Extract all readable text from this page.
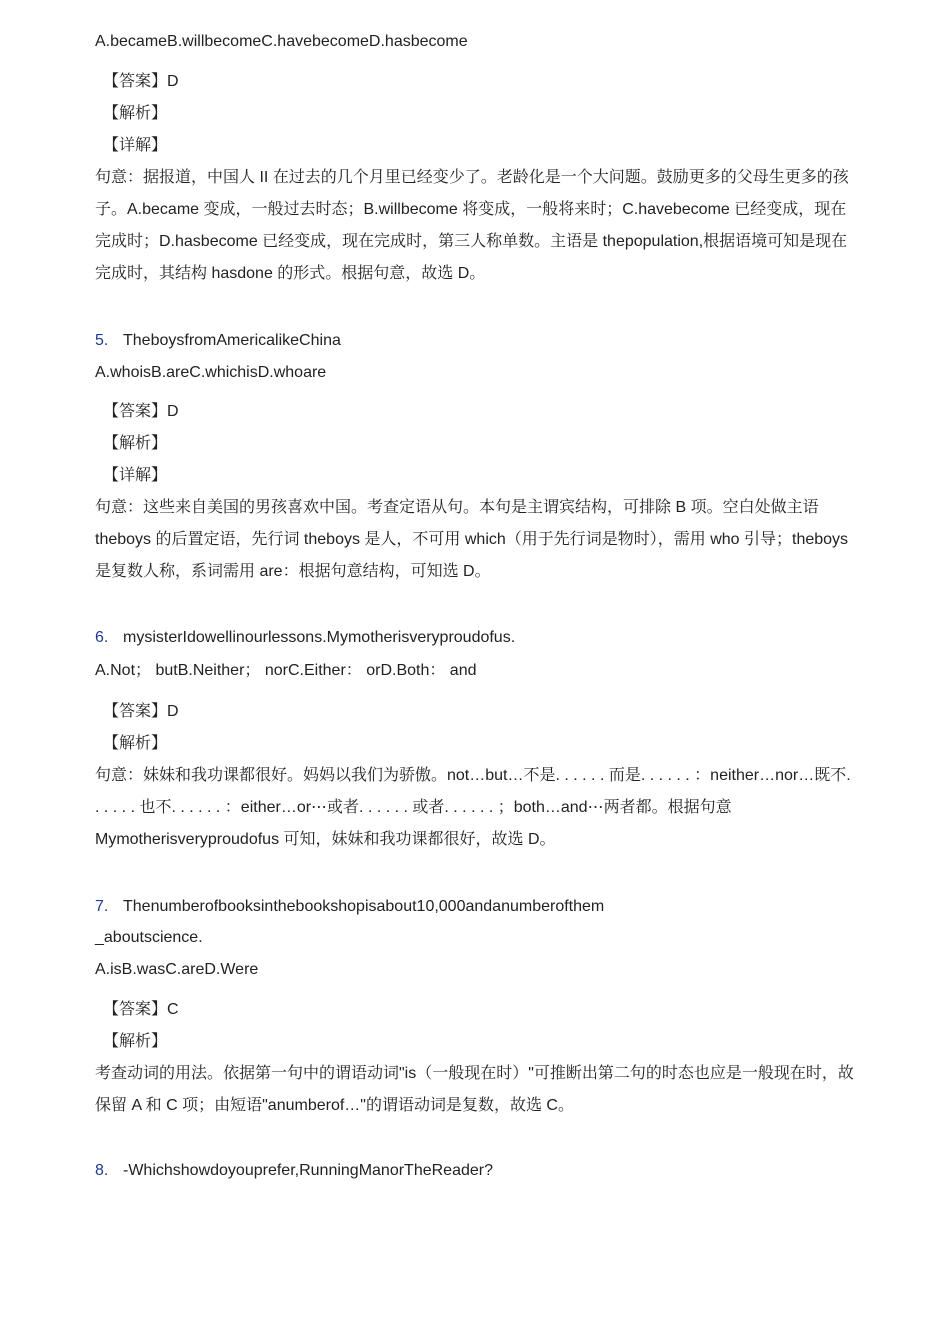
A.becameB.willbecomeC.havebecomeD.hasbecome
【答案】D
【解析】
【详解】
句意：据报道，中国人 II 在过去的几个月里已经变少了。老龄化是一个大问题。鼓励更多的父母生更多的孩子。A.became 变成，一般过去时态；B.willbecome 将变成，一般将来时；C.havebecome 已经变成，现在完成时；D.hasbecome 已经变成，现在完成时，第三人称单数。主语是 thepopulation,根据语境可知是现在完成时，其结构 hasdone 的形式。根据句意，故选 D。
5. TheboysfromAmericalikeChina
A.whoisB.areC.whichisD.whoare
【答案】D
【解析】
【详解】
句意：这些来自美国的男孩喜欢中国。考查定语从句。本句是主谓宾结构，可排除 B 项。空白处做主语 theboys 的后置定语，先行词 theboys 是人，不可用 which（用于先行词是物时），需用 who 引导；theboys 是复数人称，系词需用 are：根据句意结构，可知选 D。
6. mysisterIdowellinourlessons.Mymotherisveryproudofus.
A.Not； butB.Neither； norC.Either： orD.Both： and
【答案】D
【解析】
句意：妹妹和我功课都很好。妈妈以我们为骄傲。not…but…不是. . . . . . 而是. . . . . . ：neither…nor…既不. . . . . . 也不. . . . . . ：either…or⋯或者. . . . . . 或者. . . . . . ；both…and⋯两者都。根据句意 Mymotherisveryproudofus 可知，妹妹和我功课都很好，故选 D。
7. Thenumberofbooksinthebookshopisabout10,000andanumberofthem
_aboutscience.
A.isB.wasC.areD.Were
【答案】C
【解析】
考查动词的用法。依据第一句中的谓语动词"is（一般现在时）"可推断出第二句的时态也应是一般现在时，故保留 A 和 C 项；由短语"anumberof…"的谓语动词是复数，故选 C。
8. -Whichshowdoyouprefer,RunningManorTheReader?
